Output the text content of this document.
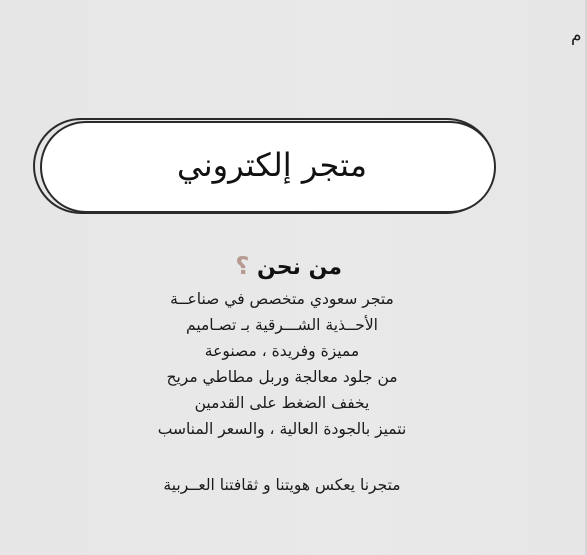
م
متجر إلكتروني
من نحن ؟
متجر سعودي متخصص في صناعــة
الأحــذية الشـــرقية بـ تصـاميم
مميزة وفريدة ، مصنوعة
من جلود معالجة وربل مطاطي مريح
يخفف الضغط على القدمين
نتميز بالجودة العالية ، والسعر المناسب
متجرنا يعكس هويتنا و ثقافتنا العــربية
